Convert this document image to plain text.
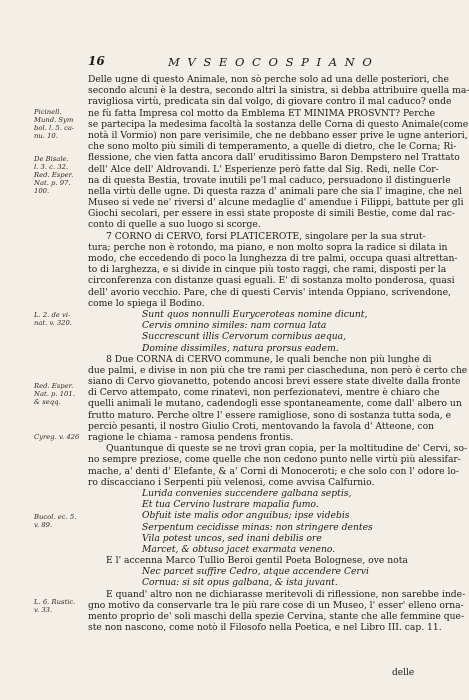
16	M V S E O C O S P I A N O
Picinell.
Mund. Sym
bol. l. 5. ca-
nu. 10.
De Bisale.
l. 3. c. 32.
Red. Esper.
Nat. p. 97.
100.
L. 2. de vi-
nat. v. 320.
Red. Esper.
Nat. p. 101.
& seqq.
Cyreg. v. 426
Bucol. ec. 5.
v. 89.
L. 6. Rustic.
v. 33.
Delle ugne di questo Animale, non sò perche solo ad una delle posteriori, che
secondo alcuni è la destra, secondo altri la sinistra, si debba attribuire quella ma-
ravigliosa virtù, predicata sin dal volgo, di giovare contro il mal caduco? onde
ne fù fatta Impresa col motto da Emblema ET MINIMA PROSVNT? Perche
se partecipa la medesima facoltà la sostanza delle Corna di questo Animale(come
notà il Vormio) non pare verisimile, che ne debbano esser prive le ugne anteriori,
che sono molto più simili di temperamento, a quelle di dietro, che le Corna; Ri-
flessione, che vien fatta ancora dall' eruditissimo Baron Dempstero nel Trattato
dell' Alce dell' Aldrovandi. L' Esperienze però fatte dal Sig. Redi, nelle Cor-
na di questa Bestia, trovate inutili pe'l mal caduco, persuadono il distinguerle
nella virtù delle ugne. Di questa razza d' animali pare che sia l' imagine, che nel
Museo si vede ne' riversi d' alcune medaglie d' amendue i Filippi, battute per gli
Giochi secolari, per essere in essi state proposte di simili Bestie, come dal rac-
conto di quelle a suo luogo si scorge.
7 CORNO di CERVO, forsi PLATICEROTE, singolare per la sua strut-
tura; perche non è rotondo, ma piano, e non molto sopra la radice si dilata in
modo, che eccedendo di poco la lunghezza di tre palmi, occupa quasi altrettan-
to di larghezza, e si divide in cinque più tosto raggi, che rami, disposti per la
circonferenza con distanze quasi eguali. E' di sostanza molto ponderosa, quasi
dell' avorio vecchio. Pare, che di questi Cervis' intenda Oppiano, scrivendone,
come lo spiega il Bodino.
Sunt quos nonnulli Euryceroteas nomine dicunt,
Cervis omnino similes: nam cornua lata
Succrescunt illis Cervorum cornibus aequa,
Domine dissimiles, natura prorsus eadem.
8 Due CORNA di CERVO commune, le quali benche non più lunghe di
due palmi, e divise in non più che tre rami per ciascheduna, non però è certo che
siano di Cervo giovanetto, potendo ancosi brevi essere state divelte dalla fronte
di Cervo attempato, come rinatevi, non perfezionatevi, mentre è chiaro che
quelli animali le mutano, cadendogli esse spontaneamente, come dall' albero un
frutto maturo. Perche oltre l' essere ramigliose, sono di sostanza tutta soda, e
perciò pesanti, il nostro Giulio Croti, mentovando la favola d' Atteone, con
ragione le chiama - ramosa pendens frontis.
Quantunque di queste se ne trovi gran copia, per la moltitudine de' Cervi, so-
no sempre preziose, come quelle che non cedono punto nelle virtù più alessifar-
mache, a' denti d' Elefante, & a' Corni di Monoceroti; e che solo con l' odore lo-
ro discacciano i Serpenti più velenosi, come avvisa Calfurnio.
Lurida convenies succendere galbana septis,
Et tua Cervino lustrare mapalia fumo.
Obfuit iste malis odor anguibus; ipse videbis
Serpentum cecidisse minas: non stringere dentes
Vila potest uncos, sed inani debilis ore
Marcet, & obtuso jacet exarmata veneno.
E l' accenna Marco Tullio Beroi gentil Poeta Bolognese, ove nota
Nec parcet suffire Cedro, atque accendere Cervi
Cornua: si sit opus galbana, & ista juvant.
E quand' altro non ne dichiarasse meritevoli di riflessione, non sarebbe inde-
gno motivo da conservarle tra le più rare cose di un Museo, l' esser' elleno orna-
mento proprio de' soli maschi della spezie Cervina, stante che alle femmine que-
ste non nascono, come notò il Filosofo nella Poetica, e nel Libro III. cap. 11.
delle
